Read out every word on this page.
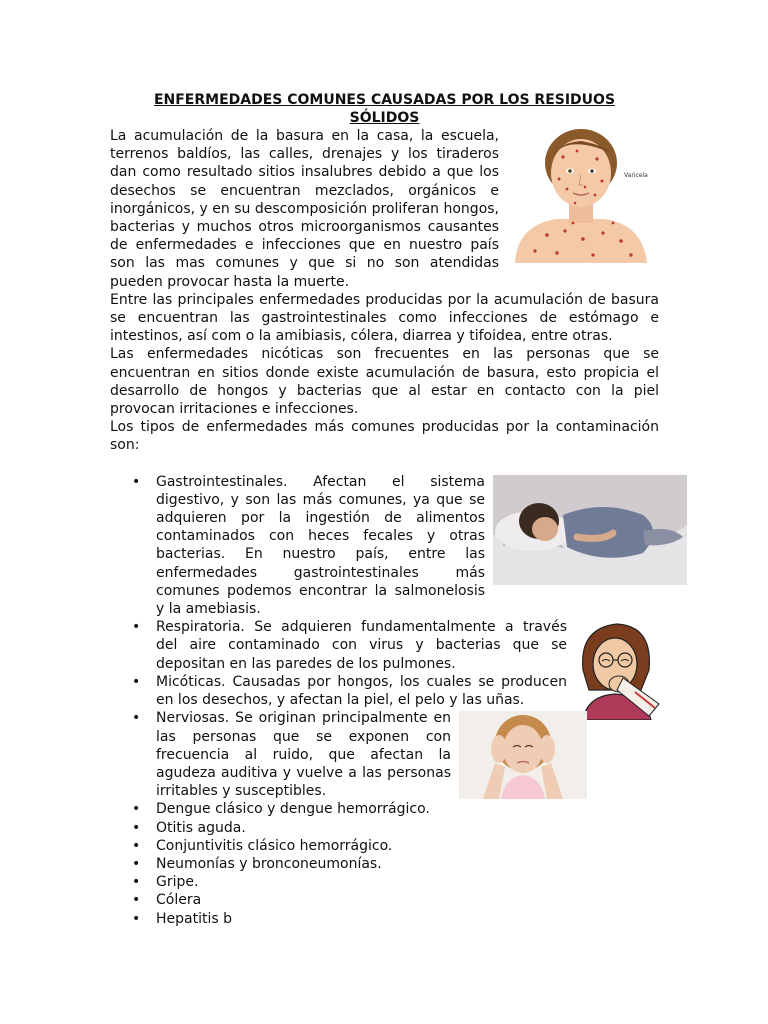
ENFERMEDADES COMUNES CAUSADAS POR LOS RESIDUOS
SÓLIDOS
Varicela

La acumulación de la basura en la casa, la escuela, terrenos baldíos, las calles, drenajes y los tiraderos dan como resultado sitios insalubres debido a que los desechos se encuentran mezclados, orgánicos e inorgánicos, y en su descomposición proliferan hongos, bacterias y muchos otros microorganismos causantes de enfermedades e infecciones que en nuestro país son las mas comunes y que si no son atendidas pueden provocar hasta la muerte.

Entre las principales enfermedades producidas por la acumulación de basura se encuentran las gastrointestinales como infecciones de estómago e intestinos, así com o la amibiasis, cólera, diarrea y tifoidea, entre otras.

Las enfermedades nicóticas son frecuentes en las personas que se encuentran en sitios donde existe acumulación de basura, esto propicia el desarrollo de hongos y bacterias que al estar en contacto con la piel provocan irritaciones e infecciones.

Los tipos de enfermedades más comunes producidas por la contaminación son:

• Gastrointestinales. Afectan el sistema digestivo, y son las más comunes, ya que se adquieren por la ingestión de alimentos contaminados con heces fecales y otras bacterias. En nuestro país, entre las enfermedades gastrointestinales más comunes podemos encontrar la salmonelosis y la amebiasis.
• Respiratoria. Se adquieren fundamentalmente a través del aire contaminado con virus y bacterias que se depositan en las paredes de los pulmones.
• Micóticas. Causadas por hongos, los cuales se producen en los desechos, y afectan la piel, el pelo y las uñas.
• Nerviosas. Se originan principalmente en las personas que se exponen con frecuencia al ruido, que afectan la agudeza auditiva y vuelve a las personas irritables y susceptibles.
• Dengue clásico y dengue hemorrágico.
• Otitis aguda.
• Conjuntivitis clásico hemorrágico.
• Neumonías y bronconeumonías.
• Gripe.
• Cólera
• Hepatitis b
